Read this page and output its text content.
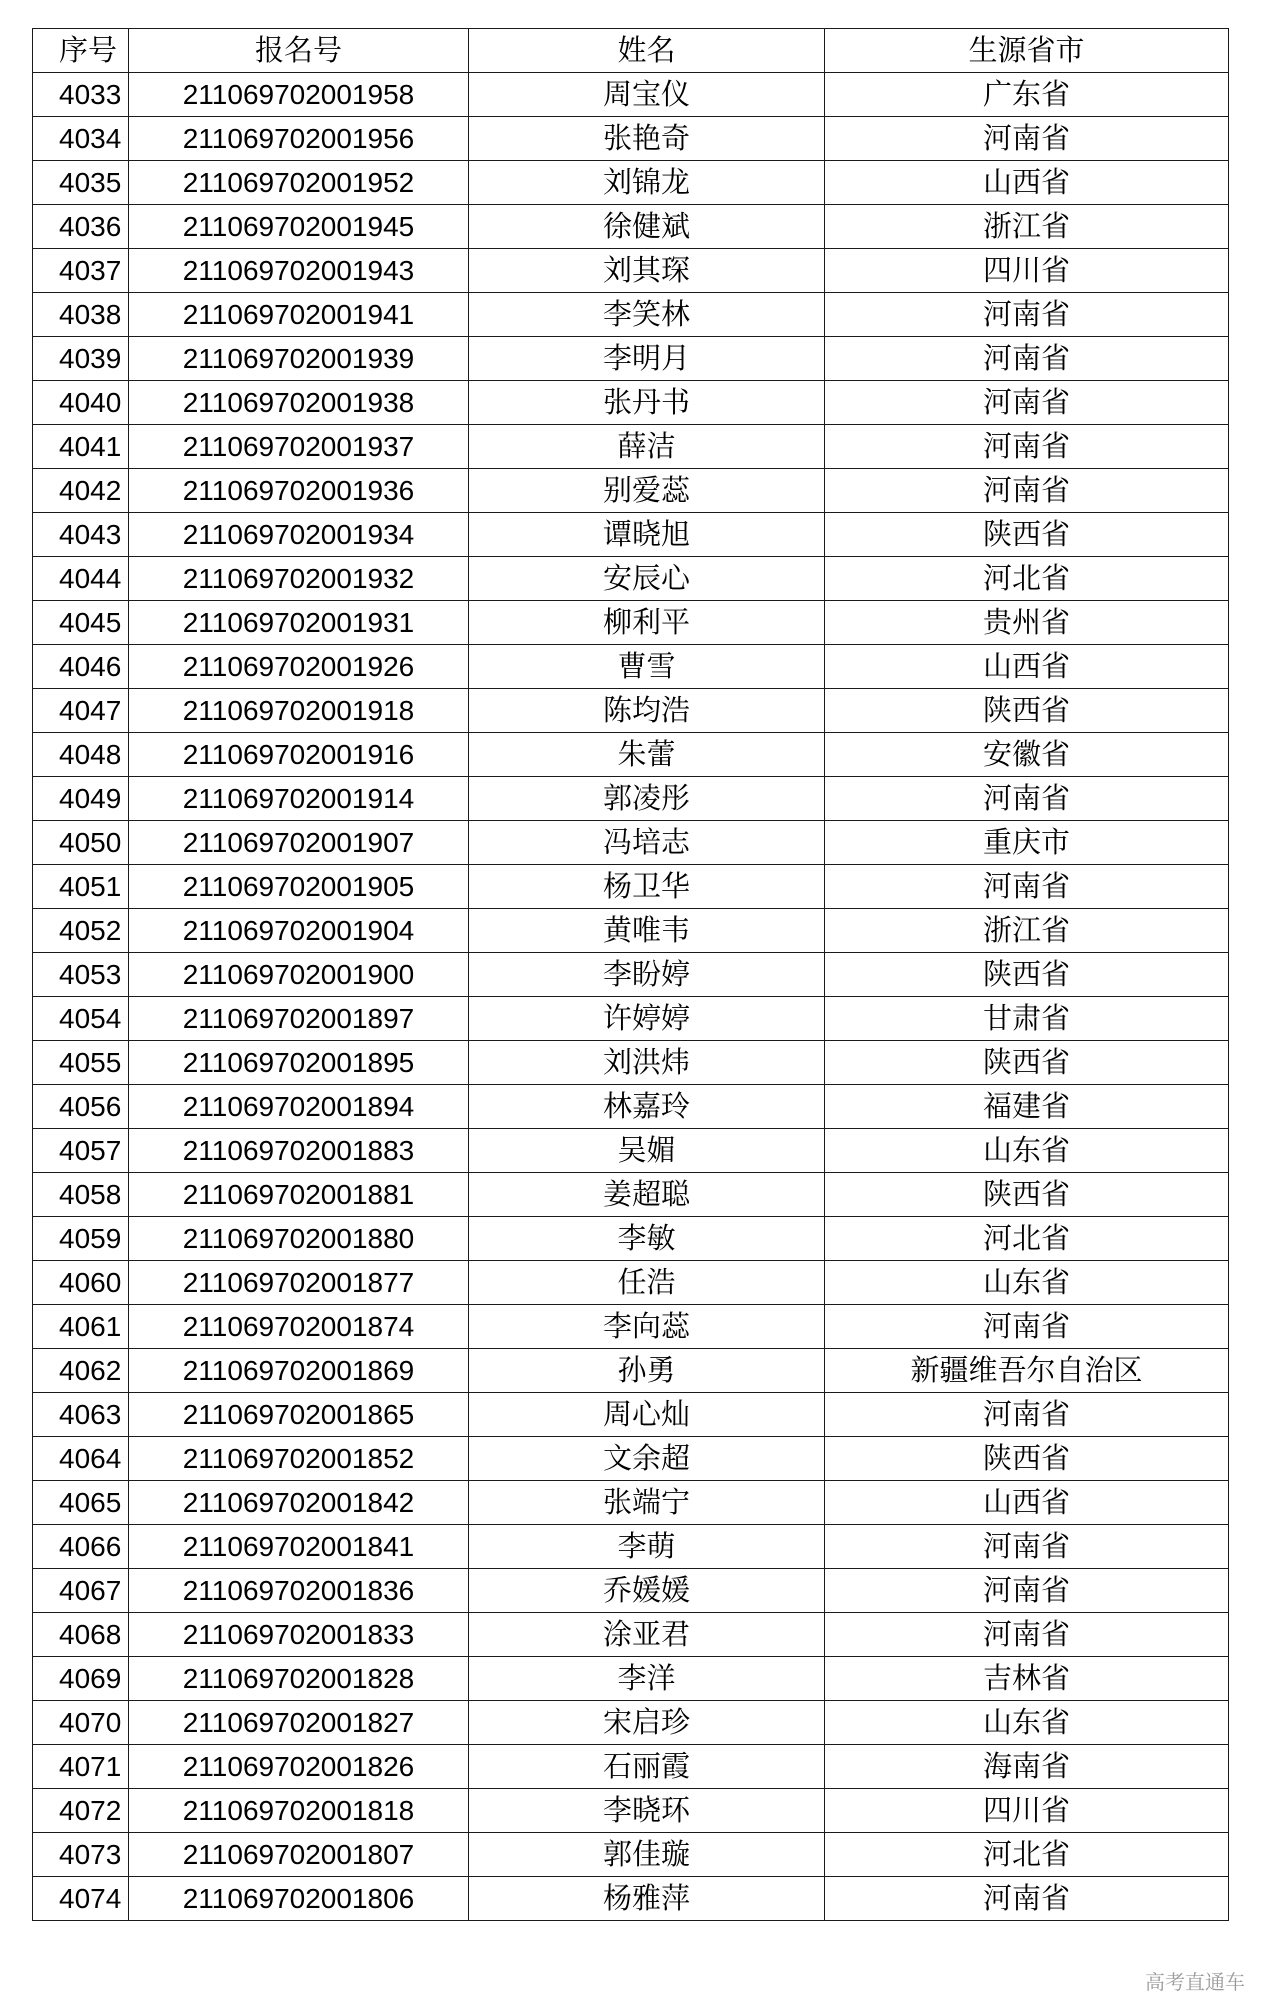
序号	报名号	姓名	生源省市
4033	211069702001958	周宝仪	广东省
4034	211069702001956	张艳奇	河南省
4035	211069702001952	刘锦龙	山西省
4036	211069702001945	徐健斌	浙江省
4037	211069702001943	刘其琛	四川省
4038	211069702001941	李笑林	河南省
4039	211069702001939	李明月	河南省
4040	211069702001938	张丹书	河南省
4041	211069702001937	薛洁	河南省
4042	211069702001936	别爱蕊	河南省
4043	211069702001934	谭晓旭	陕西省
4044	211069702001932	安辰心	河北省
4045	211069702001931	柳利平	贵州省
4046	211069702001926	曹雪	山西省
4047	211069702001918	陈均浩	陕西省
4048	211069702001916	朱蕾	安徽省
4049	211069702001914	郭凌彤	河南省
4050	211069702001907	冯培志	重庆市
4051	211069702001905	杨卫华	河南省
4052	211069702001904	黄唯韦	浙江省
4053	211069702001900	李盼婷	陕西省
4054	211069702001897	许婷婷	甘肃省
4055	211069702001895	刘洪炜	陕西省
4056	211069702001894	林嘉玲	福建省
4057	211069702001883	吴媚	山东省
4058	211069702001881	姜超聪	陕西省
4059	211069702001880	李敏	河北省
4060	211069702001877	任浩	山东省
4061	211069702001874	李向蕊	河南省
4062	211069702001869	孙勇	新疆维吾尔自治区
4063	211069702001865	周心灿	河南省
4064	211069702001852	文余超	陕西省
4065	211069702001842	张端宁	山西省
4066	211069702001841	李萌	河南省
4067	211069702001836	乔媛媛	河南省
4068	211069702001833	涂亚君	河南省
4069	211069702001828	李洋	吉林省
4070	211069702001827	宋启珍	山东省
4071	211069702001826	石丽霞	海南省
4072	211069702001818	李晓环	四川省
4073	211069702001807	郭佳璇	河北省
4074	211069702001806	杨雅萍	河南省
高考直通车
